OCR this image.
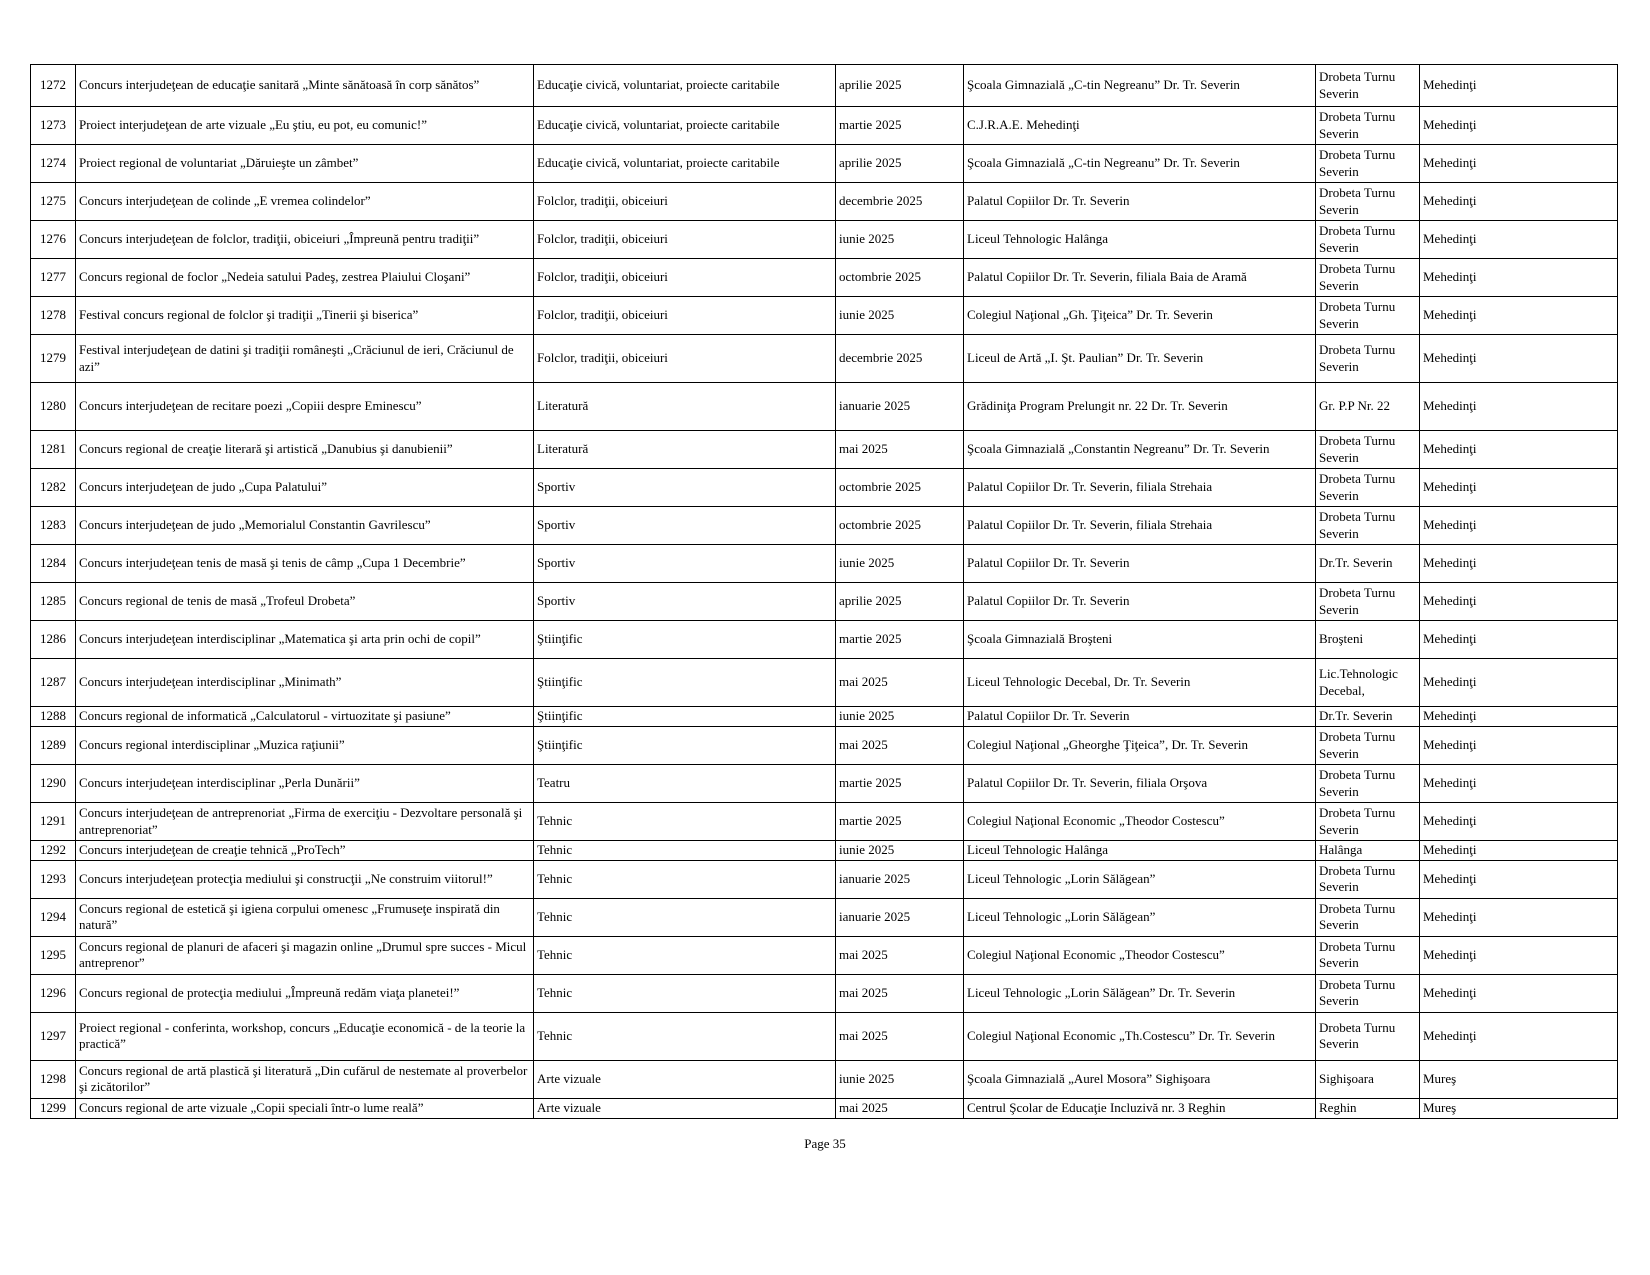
1272	Concurs interjudeţean de educaţie sanitară „Minte sănătoasă în corp sănătos”	Educaţie civică, voluntariat, proiecte caritabile	aprilie 2025	Şcoala Gimnazială „C-tin Negreanu” Dr. Tr. Severin	Drobeta Turnu Severin	Mehedinţi
1273	Proiect interjudeţean de arte vizuale „Eu ştiu, eu pot, eu comunic!”	Educaţie civică, voluntariat, proiecte caritabile	martie 2025	C.J.R.A.E. Mehedinţi	Drobeta Turnu Severin	Mehedinţi
1274	Proiect regional de voluntariat „Dăruieşte un zâmbet”	Educaţie civică, voluntariat, proiecte caritabile	aprilie 2025	Şcoala Gimnazială „C-tin Negreanu” Dr. Tr. Severin	Drobeta Turnu Severin	Mehedinţi
1275	Concurs interjudeţean de colinde „E vremea colindelor”	Folclor, tradiţii, obiceiuri	decembrie 2025	Palatul Copiilor Dr. Tr. Severin	Drobeta Turnu Severin	Mehedinţi
1276	Concurs interjudeţean de folclor, tradiţii, obiceiuri „Împreună pentru tradiţii”	Folclor, tradiţii, obiceiuri	iunie 2025	Liceul Tehnologic Halânga	Drobeta Turnu Severin	Mehedinţi
1277	Concurs regional de foclor „Nedeia satului Padeş, zestrea Plaiului Cloşani”	Folclor, tradiţii, obiceiuri	octombrie 2025	Palatul Copiilor Dr. Tr. Severin, filiala Baia de Aramă	Drobeta Turnu Severin	Mehedinţi
1278	Festival concurs regional de folclor şi tradiţii „Tinerii şi biserica”	Folclor, tradiţii, obiceiuri	iunie 2025	Colegiul Naţional „Gh. Ţiţeica” Dr. Tr. Severin	Drobeta Turnu Severin	Mehedinţi
1279	Festival interjudeţean de datini şi tradiţii româneşti „Crăciunul de ieri, Crăciunul de azi”	Folclor, tradiţii, obiceiuri	decembrie 2025	Liceul de Artă „I. Şt. Paulian” Dr. Tr. Severin	Drobeta Turnu Severin	Mehedinţi
1280	Concurs interjudeţean de recitare poezi „Copiii despre Eminescu”	Literatură	ianuarie 2025	Grădiniţa Program Prelungit nr. 22 Dr. Tr. Severin	Gr. P.P Nr. 22	Mehedinţi
1281	Concurs regional de creaţie literară şi artistică „Danubius şi danubienii”	Literatură	mai 2025	Şcoala Gimnazială „Constantin Negreanu” Dr. Tr. Severin	Drobeta Turnu Severin	Mehedinţi
1282	Concurs interjudeţean de judo „Cupa Palatului”	Sportiv	octombrie 2025	Palatul Copiilor Dr. Tr. Severin, filiala Strehaia	Drobeta Turnu Severin	Mehedinţi
1283	Concurs interjudeţean de judo „Memorialul Constantin Gavrilescu”	Sportiv	octombrie 2025	Palatul Copiilor Dr. Tr. Severin, filiala Strehaia	Drobeta Turnu Severin	Mehedinţi
1284	Concurs interjudeţean tenis de masă şi tenis de câmp „Cupa 1 Decembrie”	Sportiv	iunie 2025	Palatul Copiilor Dr. Tr. Severin	Dr.Tr. Severin	Mehedinţi
1285	Concurs regional de tenis de masă „Trofeul Drobeta”	Sportiv	aprilie 2025	Palatul Copiilor Dr. Tr. Severin	Drobeta Turnu Severin	Mehedinţi
1286	Concurs interjudeţean interdisciplinar „Matematica şi arta prin ochi de copil”	Ştiinţific	martie 2025	Şcoala Gimnazială Broşteni	Broşteni	Mehedinţi
1287	Concurs interjudeţean interdisciplinar „Minimath”	Ştiinţific	mai 2025	Liceul Tehnologic Decebal, Dr. Tr. Severin	Lic.Tehnologic Decebal,	Mehedinţi
1288	Concurs regional de informatică „Calculatorul - virtuozitate şi pasiune”	Ştiinţific	iunie 2025	Palatul Copiilor Dr. Tr. Severin	Dr.Tr. Severin	Mehedinţi
1289	Concurs regional interdisciplinar „Muzica raţiunii”	Ştiinţific	mai 2025	Colegiul Naţional „Gheorghe Ţiţeica”, Dr. Tr. Severin	Drobeta Turnu Severin	Mehedinţi
1290	Concurs interjudeţean interdisciplinar „Perla Dunării”	Teatru	martie 2025	Palatul Copiilor Dr. Tr. Severin, filiala Orşova	Drobeta Turnu Severin	Mehedinţi
1291	Concurs interjudeţean de antreprenoriat „Firma de exerciţiu - Dezvoltare personală şi antreprenoriat”	Tehnic	martie 2025	Colegiul Naţional Economic „Theodor Costescu”	Drobeta Turnu Severin	Mehedinţi
1292	Concurs interjudeţean de creaţie tehnică „ProTech”	Tehnic	iunie 2025	Liceul Tehnologic Halânga	Halânga	Mehedinţi
1293	Concurs interjudeţean protecţia mediului şi construcţii „Ne construim viitorul!”	Tehnic	ianuarie 2025	Liceul Tehnologic „Lorin Sălăgean”	Drobeta Turnu Severin	Mehedinţi
1294	Concurs regional de estetică şi igiena corpului omenesc „Frumuseţe inspirată din natură”	Tehnic	ianuarie 2025	Liceul Tehnologic „Lorin Sălăgean”	Drobeta Turnu Severin	Mehedinţi
1295	Concurs regional de planuri de afaceri şi magazin online „Drumul spre succes - Micul antreprenor”	Tehnic	mai 2025	Colegiul Naţional Economic „Theodor Costescu”	Drobeta Turnu Severin	Mehedinţi
1296	Concurs regional de protecţia mediului „Împreună redăm viaţa planetei!”	Tehnic	mai 2025	Liceul Tehnologic „Lorin Sălăgean” Dr. Tr. Severin	Drobeta Turnu Severin	Mehedinţi
1297	Proiect regional - conferinta, workshop, concurs „Educaţie economică - de la teorie la practică”	Tehnic	mai 2025	Colegiul Naţional Economic „Th.Costescu” Dr. Tr. Severin	Drobeta Turnu Severin	Mehedinţi
1298	Concurs regional de artă plastică şi literatură „Din cufărul de nestemate al proverbelor şi zicătorilor”	Arte vizuale	iunie 2025	Şcoala Gimnazială „Aurel Mosora” Sighişoara	Sighişoara	Mureş
1299	Concurs regional de arte vizuale „Copii speciali într-o lume reală”	Arte vizuale	mai 2025	Centrul Şcolar de Educaţie Incluzivă nr. 3 Reghin	Reghin	Mureş
Page 35
